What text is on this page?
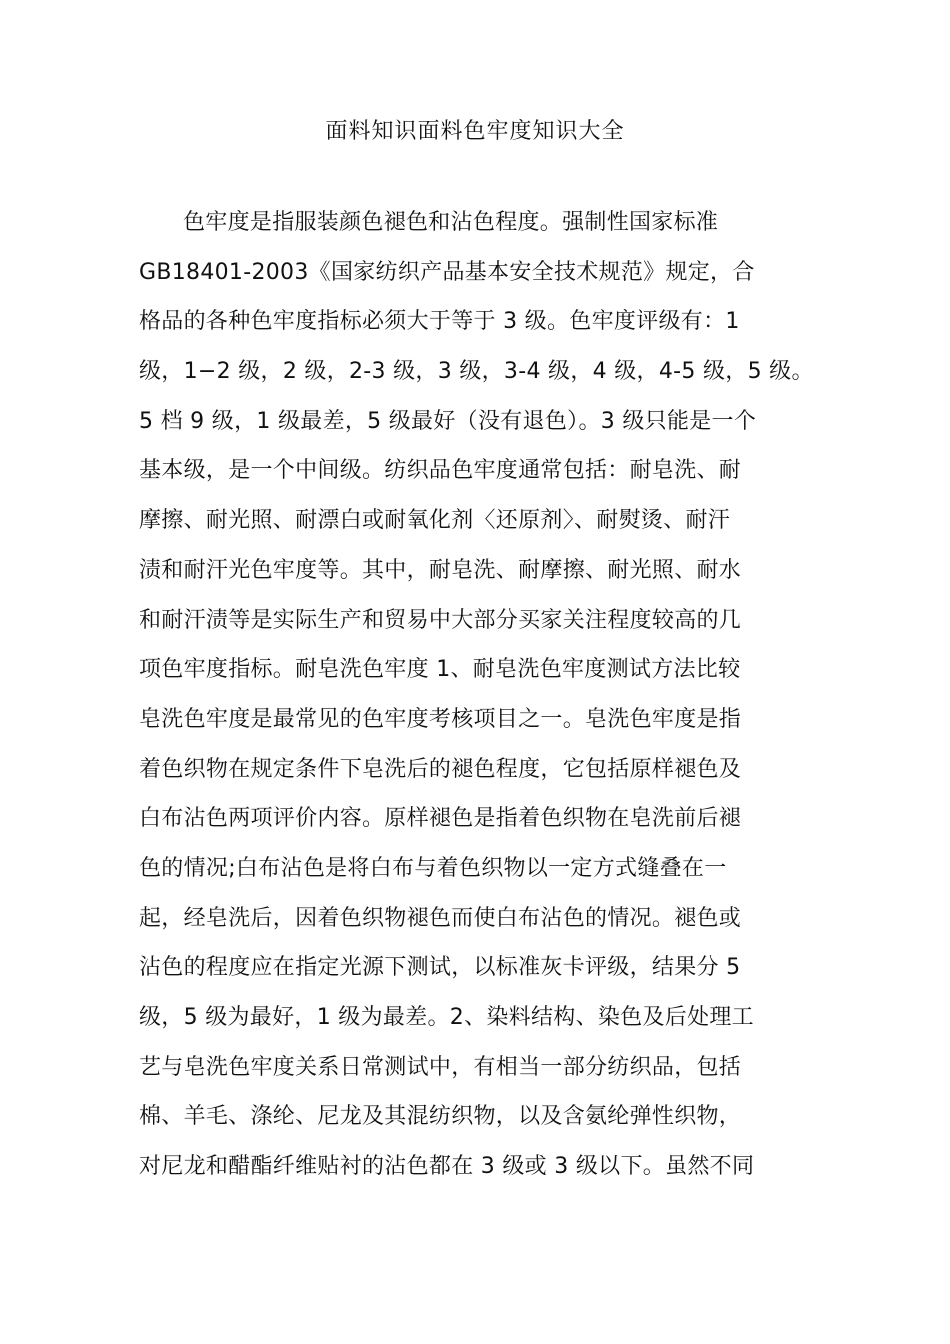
面料知识面料色牢度知识大全
色牢度是指服装颜色褪色和沾色程度。强制性国家标准
GB18401-2003《国家纺织产品基本安全技术规范》规定，合
格品的各种色牢度指标必须大于等于 3 级。色牢度评级有：1
级，1−2 级，2 级，2-3 级，3 级，3-4 级，4 级，4-5 级，5 级。
5 档 9 级，1 级最差，5 级最好（没有退色）。3 级只能是一个
基本级，是一个中间级。纺织品色牢度通常包括：耐皂洗、耐
摩擦、耐光照、耐漂白或耐氧化剂〈还原剂〉、耐熨烫、耐汗
渍和耐汗光色牢度等。其中，耐皂洗、耐摩擦、耐光照、耐水
和耐汗渍等是实际生产和贸易中大部分买家关注程度较高的几
项色牢度指标。耐皂洗色牢度 1、耐皂洗色牢度测试方法比较
皂洗色牢度是最常见的色牢度考核项目之一。皂洗色牢度是指
着色织物在规定条件下皂洗后的褪色程度，它包括原样褪色及
白布沾色两项评价内容。原样褪色是指着色织物在皂洗前后褪
色的情况;白布沾色是将白布与着色织物以一定方式缝叠在一
起，经皂洗后，因着色织物褪色而使白布沾色的情况。褪色或
沾色的程度应在指定光源下测试，以标准灰卡评级，结果分 5
级，5 级为最好，1 级为最差。2、染料结构、染色及后处理工
艺与皂洗色牢度关系日常测试中，有相当一部分纺织品，包括
棉、羊毛、涤纶、尼龙及其混纺织物，以及含氨纶弹性织物，
对尼龙和醋酯纤维贴衬的沾色都在 3 级或 3 级以下。虽然不同
